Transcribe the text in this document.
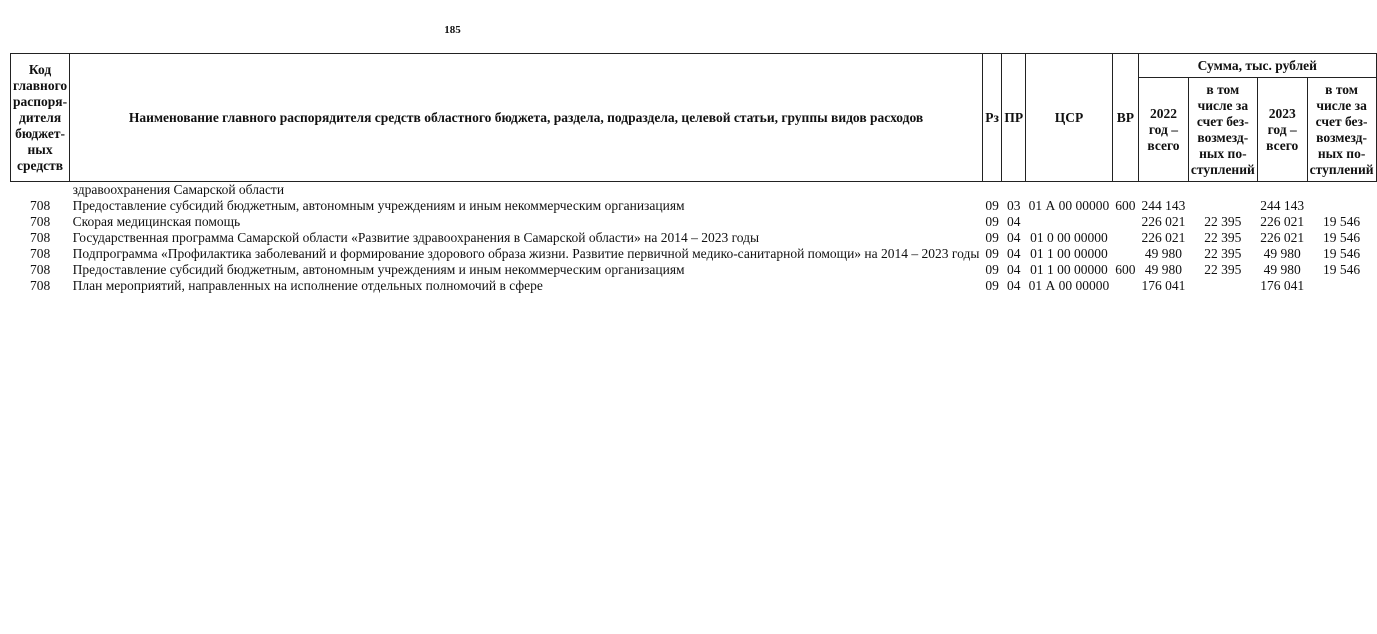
185
Код главного распоря- дителя бюджет- ных средств	Наименование главного распорядителя средств областного бюджета, раздела, подраздела, целевой статьи, группы видов расходов	Рз	ПР	ЦСР	ВР	Сумма, тыс. рублей			
						2022 год – всего	в том числе за счет без- возмезд- ных по- ступлений	2023 год – всего	в том числе за счет без- возмезд- ных по- ступлений
	здравоохранения Самарской области								
708	Предоставление субсидий бюджетным, автономным учреждениям и иным некоммерческим организациям	09	03	01 А 00 00000	600	244 143		244 143	
708	Скорая медицинская помощь	09	04			226 021	22 395	226 021	19 546
708	Государственная программа Самарской области «Развитие здравоохранения в Самарской области» на 2014 – 2023 годы	09	04	01 0 00 00000		226 021	22 395	226 021	19 546
708	Подпрограмма «Профилактика заболеваний и формирование здорового образа жизни. Развитие первичной медико-санитарной помощи» на 2014 – 2023 годы	09	04	01 1 00 00000		49 980	22 395	49 980	19 546
708	Предоставление субсидий бюджетным, автономным учреждениям и иным некоммерческим организациям	09	04	01 1 00 00000	600	49 980	22 395	49 980	19 546
708	План мероприятий, направленных на исполнение отдельных полномочий в сфере	09	04	01 А 00 00000		176 041		176 041	
